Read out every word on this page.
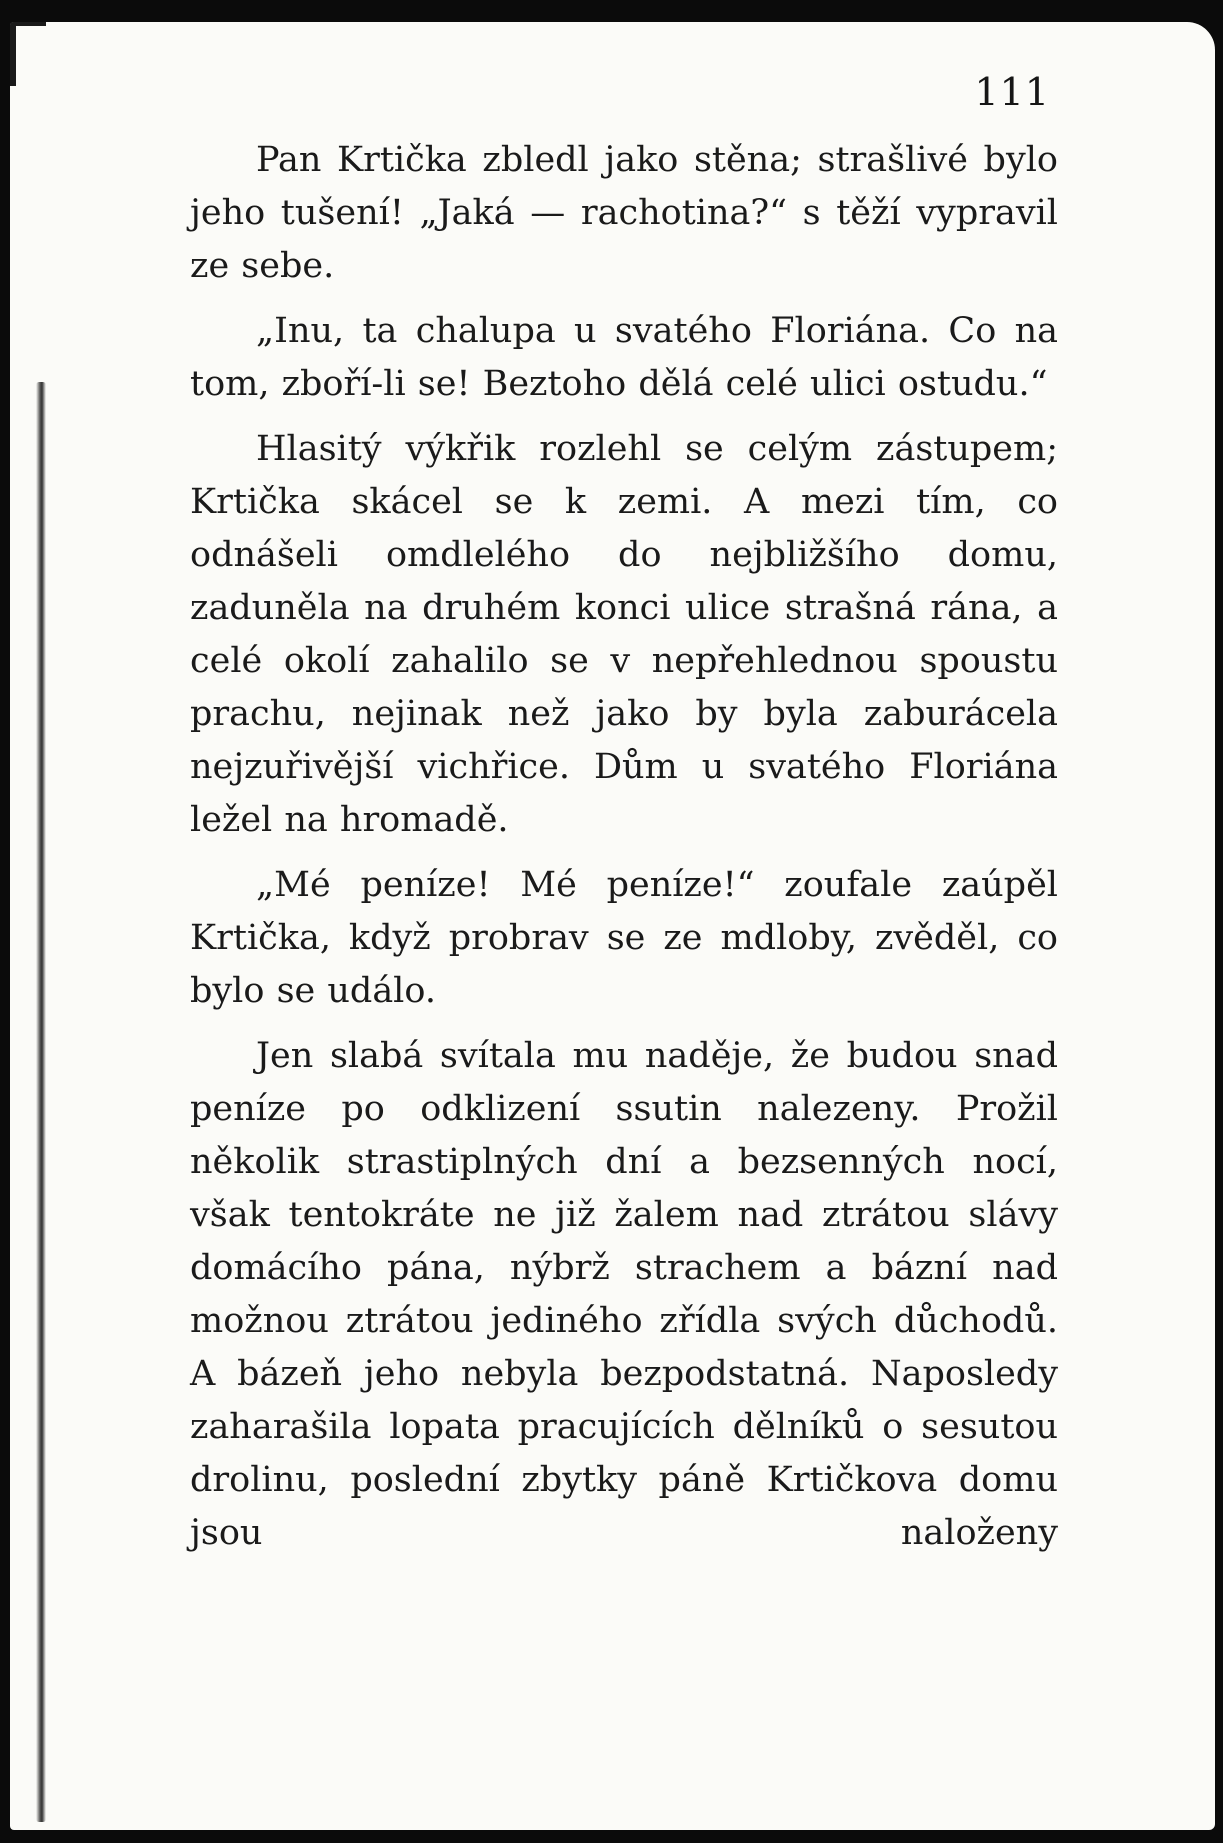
111

Pan Krtička zbledl jako stěna; strašlivé bylo jeho tušení! „Jaká — rachotina?“ s těží vypravil ze sebe.

„Inu, ta chalupa u svatého Floriána. Co na tom, zboří-li se! Beztoho dělá celé ulici ostudu.“

Hlasitý výkřik rozlehl se celým zástupem; Krtička skácel se k zemi. A mezi tím, co odnášeli omdlelého do nejbližšího domu, zaduněla na druhém konci ulice strašná rána, a celé okolí zahalilo se v nepřehlednou spoustu prachu, nejinak než jako by byla zaburácela nejzuřivější vichřice. Dům u svatého Floriána ležel na hromadě.

„Mé peníze! Mé peníze!“ zoufale zaúpěl Krtička, když probrav se ze mdloby, zvěděl, co bylo se událo.

Jen slabá svítala mu naděje, že budou snad peníze po odklizení ssutin nalezeny. Prožil několik strastiplných dní a bezsenných nocí, však tentokráte ne již žalem nad ztrátou slávy domácího pána, nýbrž strachem a bázní nad možnou ztrátou jediného zřídla svých důchodů. A bázeň jeho nebyla bezpodstatná. Naposledy zaharašila lopata pracujících dělníků o sesutou drolinu, poslední zbytky páně Krtičkova domu jsou naloženy
